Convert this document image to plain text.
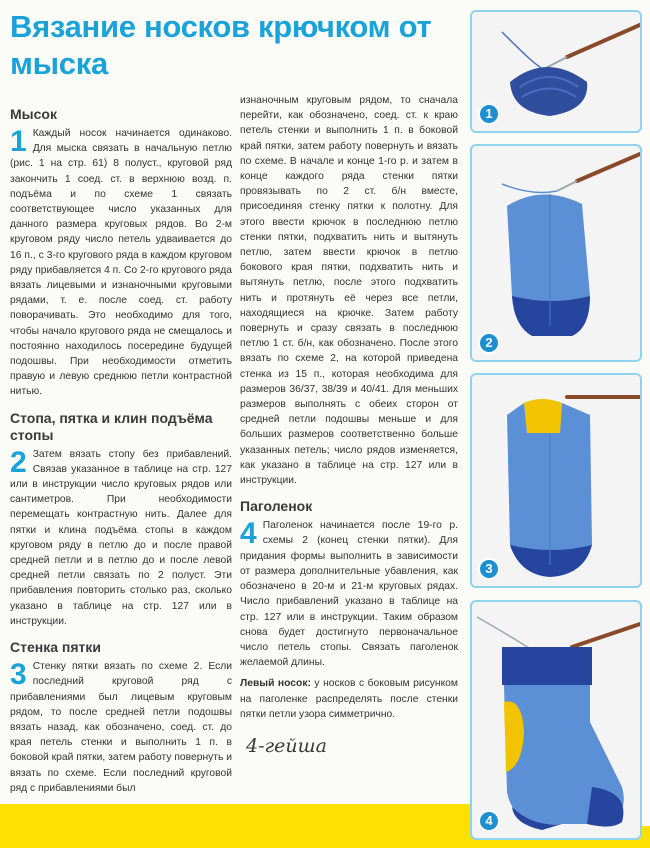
Вязание носков крючком от мыска
Мысок
1 Каждый носок начинается одинаково. Для мыска связать в начальную петлю (рис. 1 на стр. 61) 8 полуст., круговой ряд закончить 1 соед. ст. в верхнюю возд. п. подъёма и по схеме 1 связать соответствующее число указанных для данного размера круговых рядов. Во 2-м круговом ряду число петель удваивается до 16 п., с 3-го кругового ряда в каждом круговом ряду прибавляется 4 п. Со 2-го кругового ряда вязать лицевыми и изнаночными круговыми рядами, т. е. после соед. ст. работу поворачивать. Это необходимо для того, чтобы начало кругового ряда не смещалось и постоянно находилось посередине будущей подошвы. При необходимости отметить правую и левую среднюю петли контрастной нитью.
Стопа, пятка и клин подъёма стопы
2 Затем вязать стопу без прибавлений. Связав указанное в таблице на стр. 127 или в инструкции число круговых рядов или сантиметров. При необходимости перемещать контрастную нить. Далее для пятки и клина подъёма стопы в каждом круговом ряду в петлю до и после правой средней петли и в петлю до и после левой средней петли связать по 2 полуст. Эти прибавления повторить столько раз, сколько указано в таблице на стр. 127 или в инструкции.
Стенка пятки
3 Стенку пятки вязать по схеме 2. Если последний круговой ряд с прибавлениями был лицевым круговым рядом, то после средней петли подошвы вязать назад, как обозначено, соед. ст. до края петель стенки и выполнить 1 п. в боковой край пятки, затем работу повернуть и вязать по схеме. Если последний круговой ряд с прибавлениями был
изнаночным круговым рядом, то сначала перейти, как обозначено, соед. ст. к краю петель стенки и выполнить 1 п. в боковой край пятки, затем работу повернуть и вязать по схеме. В начале и конце 1-го р. и затем в конце каждого ряда стенки пятки провязывать по 2 ст. б/н вместе, присоединяя стенку пятки к полотну. Для этого ввести крючок в последнюю петлю стенки пятки, подхватить нить и вытянуть петлю, затем ввести крючок в петлю бокового края пятки, подхватить нить и вытянуть петлю, после этого подхватить нить и протянуть её через все петли, находящиеся на крючке. Затем работу повернуть и сразу связать в последнюю петлю 1 ст. б/н, как обозначено. После этого вязать по схеме 2, на которой приведена стенка из 15 п., которая необходима для размеров 36/37, 38/39 и 40/41. Для меньших размеров выполнять с обеих сторон от средней петли подошвы меньше и для больших размеров соответственно больше указанных петель; число рядов изменяется, как указано в таблице на стр. 127 или в инструкции.
Паголенок
4 Паголенок начинается после 19-го р. схемы 2 (конец стенки пятки). Для придания формы выполнить в зависимости от размера дополнительные убавления, как обозначено в 20-м и 21-м круговых рядах. Число прибавлений указано в таблице на стр. 127 или в инструкции. Таким образом снова будет достигнуто первоначальное число петель стопы. Связать паголенок желаемой длины.
Левый носок: у носков с боковым рисунком на паголенке распределять после стенки пятки петли узора симметрично.
4-гейша
1
2
3
4
